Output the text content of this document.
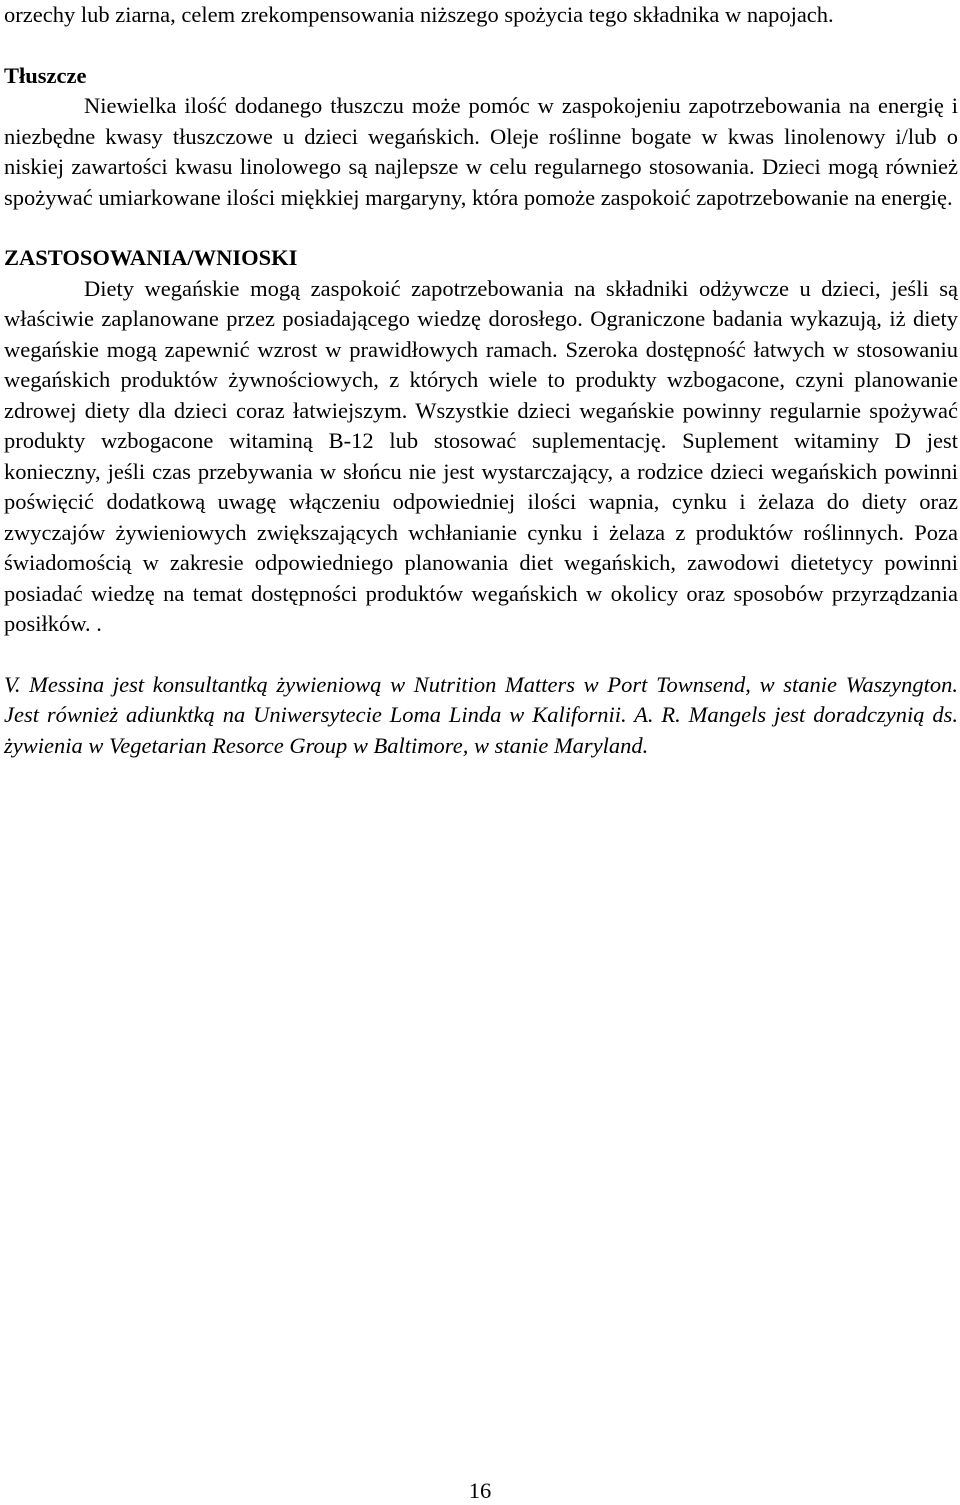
orzechy lub ziarna, celem zrekompensowania niższego spożycia tego składnika w napojach.

Tłuszcze

Niewielka ilość dodanego tłuszczu może pomóc w zaspokojeniu zapotrzebowania na energię i niezbędne kwasy tłuszczowe u dzieci wegańskich. Oleje roślinne bogate w kwas linolenowy i/lub o niskiej zawartości kwasu linolowego są najlepsze w celu regularnego stosowania. Dzieci mogą również spożywać umiarkowane ilości miękkiej margaryny, która pomoże zaspokoić zapotrzebowanie na energię.

ZASTOSOWANIA/WNIOSKI

Diety wegańskie mogą zaspokoić zapotrzebowania na składniki odżywcze u dzieci, jeśli są właściwie zaplanowane przez posiadającego wiedzę dorosłego. Ograniczone badania wykazują, iż diety wegańskie mogą zapewnić wzrost w prawidłowych ramach. Szeroka dostępność łatwych w stosowaniu wegańskich produktów żywnościowych, z których wiele to produkty wzbogacone, czyni planowanie zdrowej diety dla dzieci coraz łatwiejszym. Wszystkie dzieci wegańskie powinny regularnie spożywać produkty wzbogacone witaminą B-12 lub stosować suplementację. Suplement witaminy D jest konieczny, jeśli czas przebywania w słońcu nie jest wystarczający, a rodzice dzieci wegańskich powinni poświęcić dodatkową uwagę włączeniu odpowiedniej ilości wapnia, cynku i żelaza do diety oraz zwyczajów żywieniowych zwiększających wchłanianie cynku i żelaza z produktów roślinnych. Poza świadomością w zakresie odpowiedniego planowania diet wegańskich, zawodowi dietetycy powinni posiadać wiedzę na temat dostępności produktów wegańskich w okolicy oraz sposobów przyrządzania posiłków. .

V. Messina jest konsultantką żywieniową w Nutrition Matters w Port Townsend, w stanie Waszyngton. Jest również adiunktką na Uniwersytecie Loma Linda w Kalifornii. A. R. Mangels jest doradczynią ds. żywienia w Vegetarian Resorce Group w Baltimore, w stanie Maryland.

16
